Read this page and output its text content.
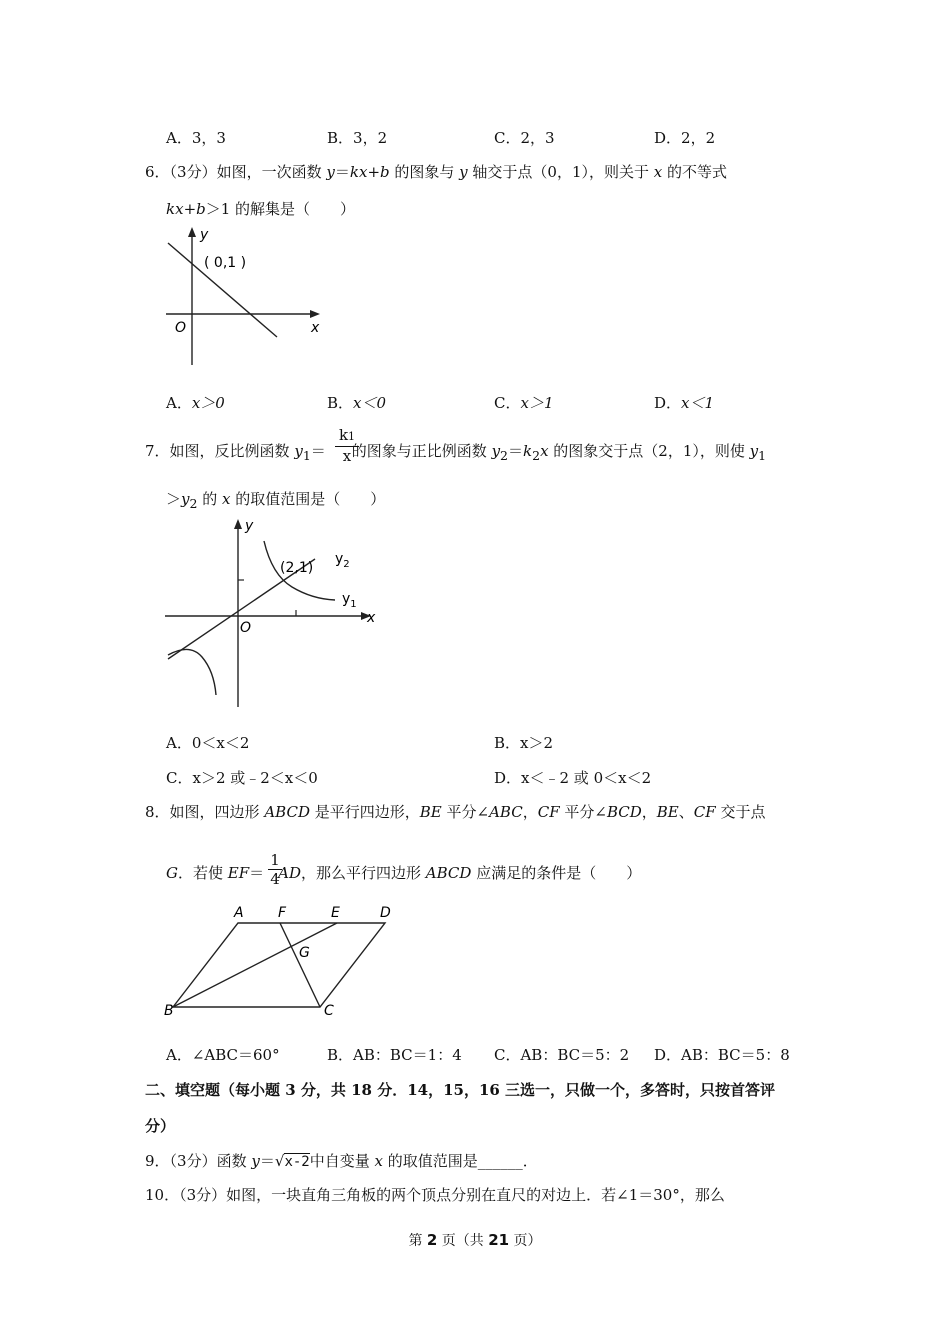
A．3，3	B．3，2	C．2，3	D．2，2
6．（3分）如图，一次函数 y＝kx+b 的图象与 y 轴交于点（0，1），则关于 x 的不等式
kx+b＞1 的解集是（　　）
( 0,1 )
O	x
y
A．x＞0	B．x＜0	C．x＞1	D．x＜1
7．如图，反比例函数 $y_1=$ 的图象与正比例函数 $y_2=k_2x$ 的图象交于点（2，1），则使 $y_1$
$\frac{k1}{x}$
$>y_2$ 的 x 的取值范围是（　　）
(2,1)
$y_2$
$y_1$
O
x
y
A．0＜x＜2	B．x＞2
C．x＞2 或﹣2＜x＜0	D．x＜﹣2 或 0＜x＜2
8．如图，四边形 ABCD 是平行四边形，BE 平分∠ABC，CF 平分∠BCD，BE、CF 交于点
G．若使 EF＝ AD，那么平行四边形 ABCD 应满足的条件是（　　）
$\frac{1}{4}$
A F	E	D
G
B	C
A．∠ABC＝60°	B．AB：BC＝1：4 C．AB：BC＝5：2 D．AB：BC＝5：8
二、填空题（每小题 3 分，共 18 分．14，15，16 三选一，只做一个，多答时，只按首答评
分）
9．（3分）函数 y＝√x-2中自变量 x 的取值范围是______．
10．（3分）如图，一块直角三角板的两个顶点分别在直尺的对边上．若∠1＝30°，那么
第 2 页（共 21 页）
